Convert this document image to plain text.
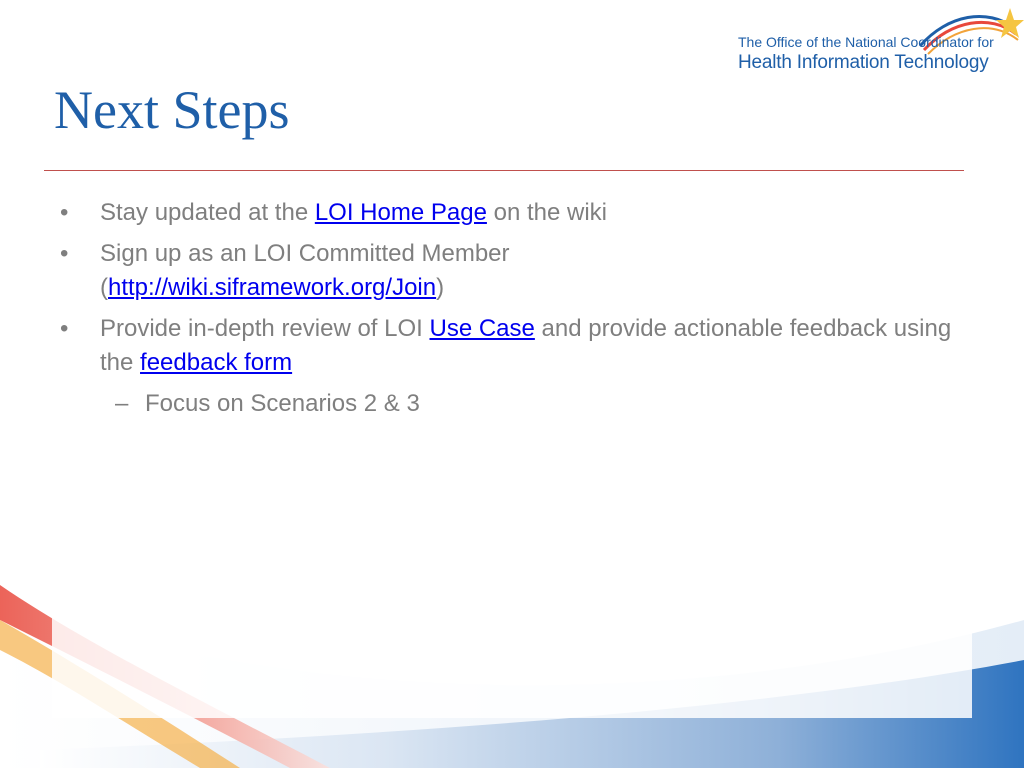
The Office of the National Coordinator for
Health Information Technology
Next Steps
•	Stay updated at the LOI Home Page on the wiki
•	Sign up as an LOI Committed Member
(http://wiki.siframework.org/Join)
•	Provide in-depth review of LOI Use Case and provide actionable feedback using the feedback form
– Focus on Scenarios 2 & 3
